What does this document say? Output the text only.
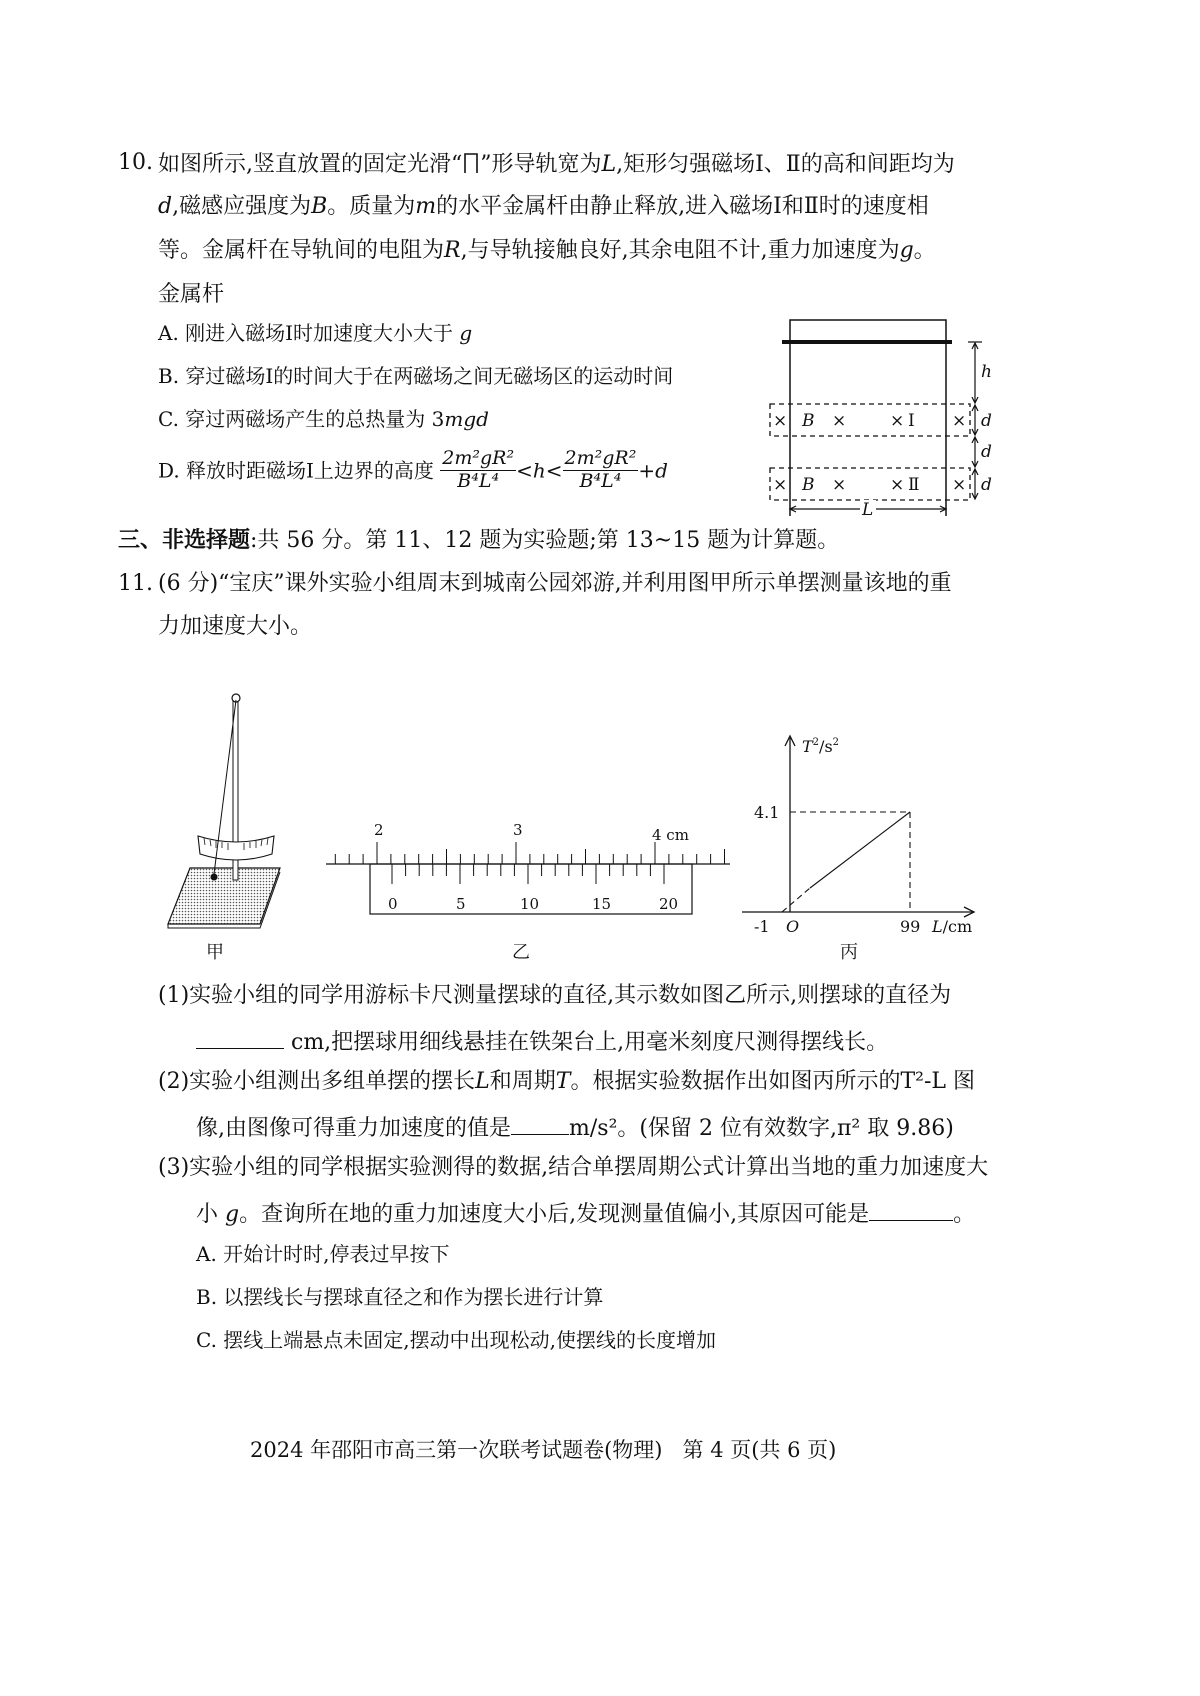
10. 如图所示,竖直放置的固定光滑“ ”形导轨宽为L,矩形匀强磁场Ⅰ、Ⅱ的高和间距均为
d,磁感应强度为B。质量为m的水平金属杆由静止释放,进入磁场Ⅰ和Ⅱ时的速度相
等。金属杆在导轨间的电阻为R,与导轨接触良好,其余电阻不计,重力加速度为g。
金属杆
A. 刚进入磁场Ⅰ时加速度大小大于 g
B. 穿过磁场Ⅰ的时间大于在两磁场之间无磁场区的运动时间
C. 穿过两磁场产生的总热量为 3mgd
D. 释放时距磁场Ⅰ上边界的高度 $\frac{\text{2m²gR²}}{\text{B⁴L⁴}} <h< \frac{\text{2m²gR²}}{\text{B⁴L⁴}} +d$
× B ×	× Ⅰ ×
× B ×	× Ⅱ ×
h
d
d
d
L
三、非选择题:共 56 分。第 11、12 题为实验题;第 13~15 题为计算题。
11. (6 分)“宝庆”课外实验小组周末到城南公园郊游,并利用图甲所示单摆测量该地的重
力加速度大小。
2	3	4 cm
0	5	10	15	20
$T^2/s^2$
4.1
-1 O	99 L/cm
甲	乙	丙
(1)实验小组的同学用游标卡尺测量摆球的直径,其示数如图乙所示,则摆球的直径为
cm,把摆球用细线悬挂在铁架台上,用毫米刻度尺测得摆线长。
(2)实验小组测出多组单摆的摆长L和周期T。根据实验数据作出如图丙所示的T²-L 图
像,由图像可得重力加速度的值是	m/s²。(保留 2 位有效数字,π² 取 9.86)
(3)实验小组的同学根据实验测得的数据,结合单摆周期公式计算出当地的重力加速度大
小 g。查询所在地的重力加速度大小后,发现测量值偏小,其原因可能是	。
A. 开始计时时,停表过早按下
B. 以摆线长与摆球直径之和作为摆长进行计算
C. 摆线上端悬点未固定,摆动中出现松动,使摆线的长度增加
2024 年邵阳市高三第一次联考试题卷(物理)   第 4 页(共 6 页)
